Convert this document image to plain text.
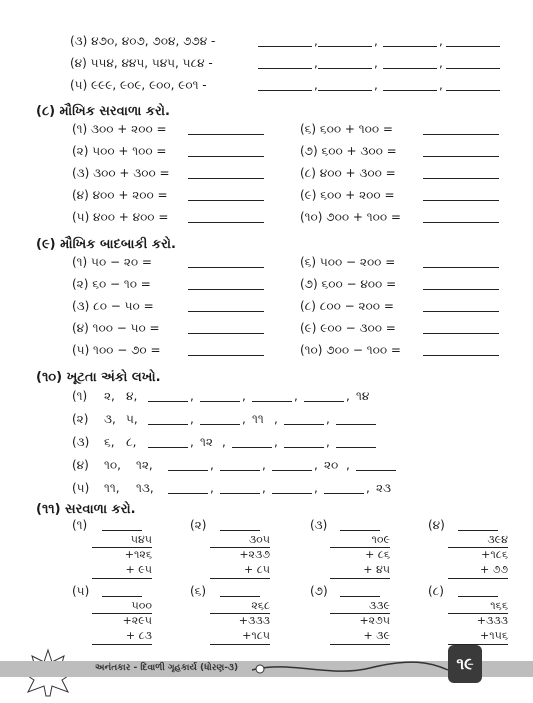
(૩) ૪૭૦, ૪૦૭, ૭૦૪, ૭૭૪ -	,	,	,
(૪) ૫૫૪, ૪૪૫, ૫૪૫, ૫૮૪ -	,	,	,
(૫) ૯૯૯, ૯૦૯, ૯૦૦, ૯૦૧ -	,	,	,
(૮) મૌખિક સરવાળા કરો.
(૧) ૩૦૦ + ૨૦૦ =	(૬) ૬૦૦ + ૧૦૦ =
(૨) ૫૦૦ + ૧૦૦ =	(૭) ૬૦૦ + ૩૦૦ =
(૩) ૩૦૦ + ૩૦૦ =	(૮) ૪૦૦ + ૩૦૦ =
(૪) ૪૦૦ + ૨૦૦ =	(૯) ૬૦૦ + ૨૦૦ =
(૫) ૪૦૦ + ૪૦૦ =	(૧૦) ૭૦૦ + ૧૦૦ =
(૯) મૌખિક બાદબાકી કરો.
(૧) ૫૦ − ૨૦ =	(૬) ૫૦૦ − ૨૦૦ =
(૨) ૬૦ − ૧૦ =	(૭) ૬૦૦ − ૪૦૦ =
(૩) ૮૦ − ૫૦ =	(૮) ૮૦૦ − ૨૦૦ =
(૪) ૧૦૦ − ૫૦ =	(૯) ૯૦૦ − ૩૦૦ =
(૫) ૧૦૦ − ૭૦ =	(૧૦) ૭૦૦ − ૧૦૦ =
(૧૦) ખૂટતા અંકો લખો.
(૧) ૨, ૪,	,	,	,	, ૧૪
(૨) ૩, ૫,	,	, ૧૧ ,	,
(૩) ૬, ૮,	, ૧૨ ,	,	,
(૪) ૧૦, ૧૨,	,	,	, ૨૦ ,
(૫) ૧૧, ૧૩,	,	,	,	, ૨૩
(૧૧) સરવાળા કરો.
(૧)
૫૪૫
+૧૨૬
+ ૯૫
(૨)
૩૦૫
+૨૩૭
+ ૮૫
(૩)
૧૦૯
+ ૮૬
+ ૪૫
(૪)
૩૯૪
+૧૮૬
+ ૭૭
(૫)
૫૦૦
+૨૯૫
+ ૮૩
(૬)
૨૬૮
+૩૩૩
+૧૮૫
(૭)
૩૩૯
+૨૭૫
+ ૩૯
(૮)
૧૬૬
+૩૩૩
+૧૫૬
અનંતકાર - દિવાળી ગૃહકાર્ય (ધોરણ-૩)	૧૯
